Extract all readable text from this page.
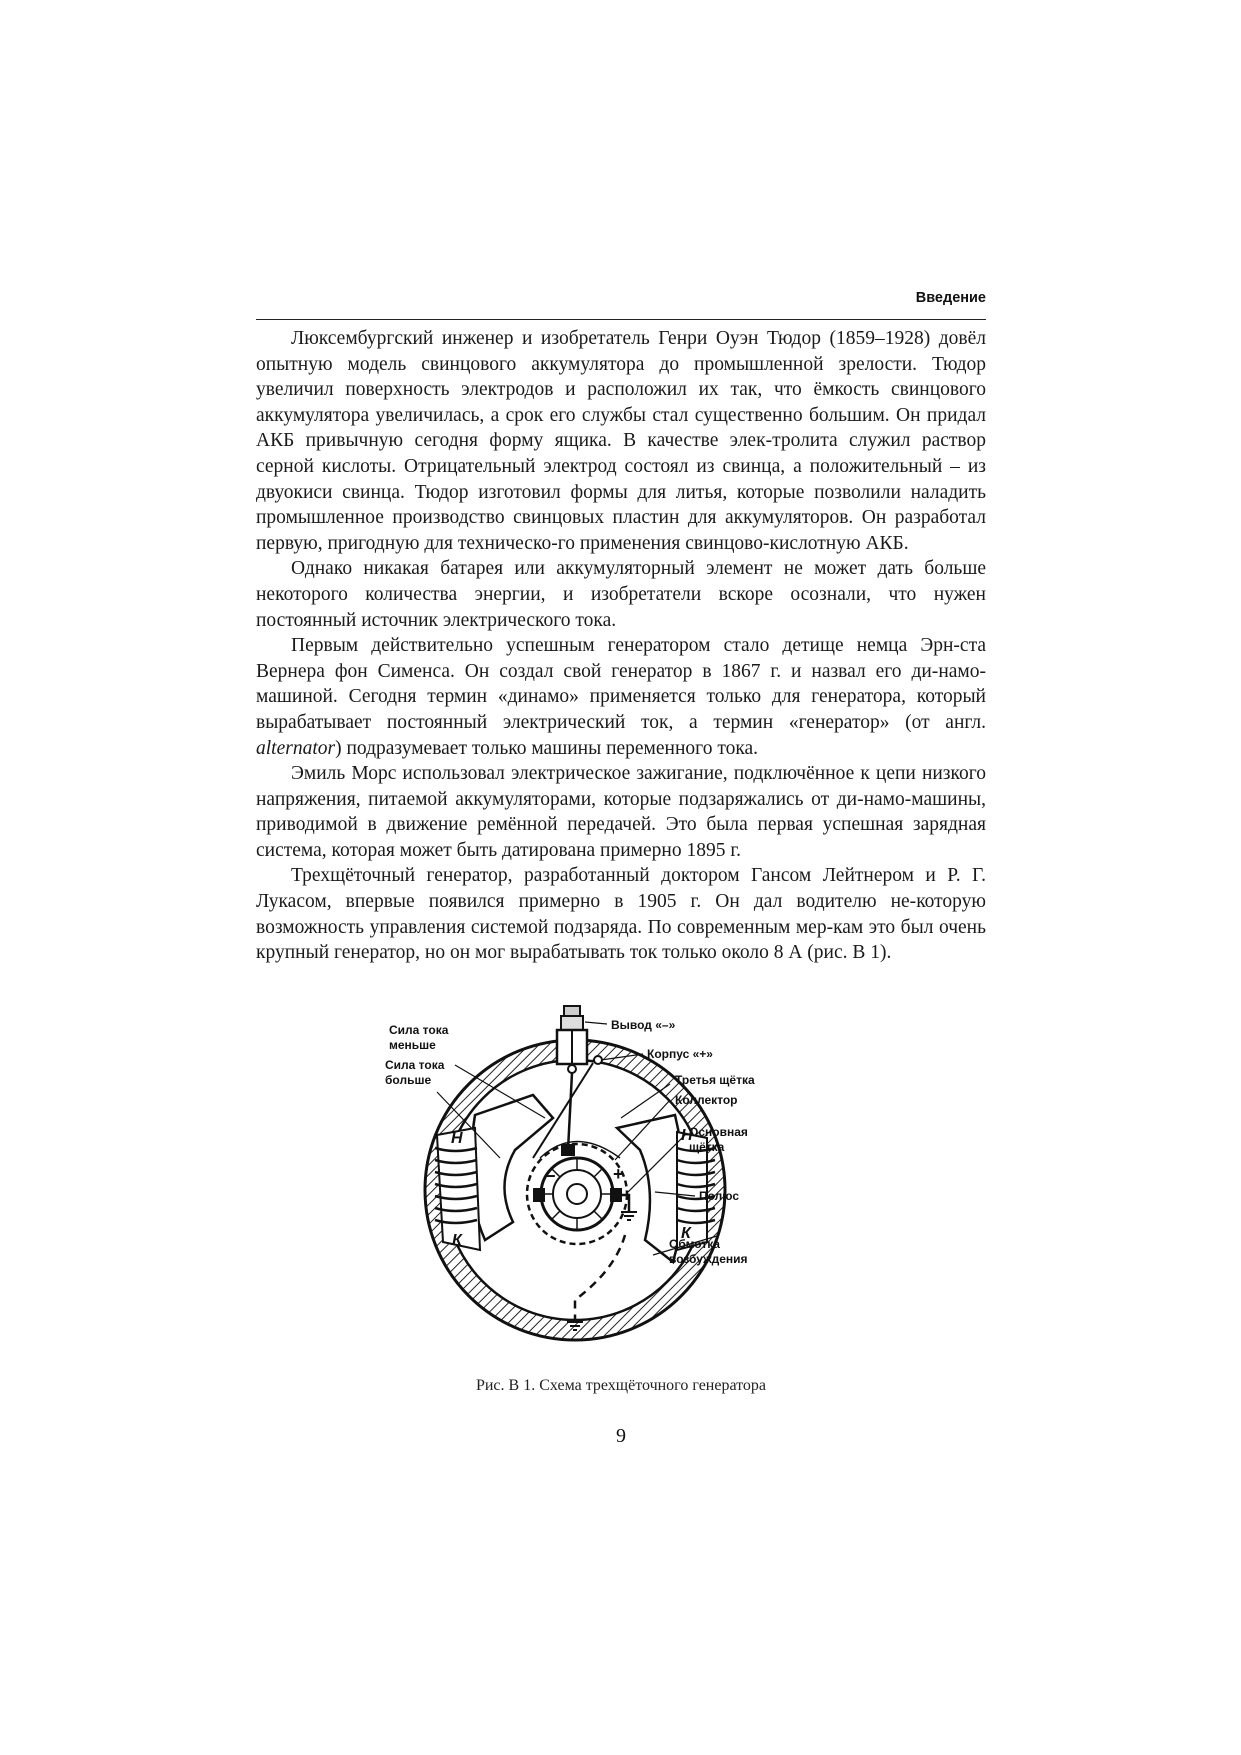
Введение

Люксембургский инженер и изобретатель Генри Оуэн Тюдор (1859–1928) довёл опытную модель свинцового аккумулятора до промышленной зрелости. Тюдор увеличил поверхность электродов и расположил их так, что ёмкость свинцового аккумулятора увеличилась, а срок его службы стал существенно большим. Он придал АКБ привычную сегодня форму ящика. В качестве элек-тролита служил раствор серной кислоты. Отрицательный электрод состоял из свинца, а положительный – из двуокиси свинца. Тюдор изготовил формы для литья, которые позволили наладить промышленное производство свинцовых пластин для аккумуляторов. Он разработал первую, пригодную для техническо-го применения свинцово-кислотную АКБ.

Однако никакая батарея или аккумуляторный элемент не может дать больше некоторого количества энергии, и изобретатели вскоре осознали, что нужен постоянный источник электрического тока.

Первым действительно успешным генератором стало детище немца Эрн-ста Вернера фон Сименса. Он создал свой генератор в 1867 г. и назвал его ди-намо-машиной. Сегодня термин «динамо» применяется только для генератора, который вырабатывает постоянный электрический ток, а термин «генератор» (от англ. alternator) подразумевает только машины переменного тока.

Эмиль Морс использовал электрическое зажигание, подключённое к цепи низкого напряжения, питаемой аккумуляторами, которые подзаряжались от ди-намо-машины, приводимой в движение ремённой передачей. Это была первая успешная зарядная система, которая может быть датирована примерно 1895 г.

Трехщёточный генератор, разработанный доктором Гансом Лейтнером и Р. Г. Лукасом, впервые появился примерно в 1905 г. Он дал водителю не-которую возможность управления системой подзаряда. По современным мер-кам это был очень крупный генератор, но он мог вырабатывать ток только около 8 А (рис. В 1).

−	+
Н
К
Н
К
Сила тока меньше
Сила тока больше
Вывод «–»
Корпус «+»
Третья щётка
Коллектор
Основная щётка
Полюс
Обмотка возбуждения
Рис. В 1. Схема трехщёточного генератора
9
